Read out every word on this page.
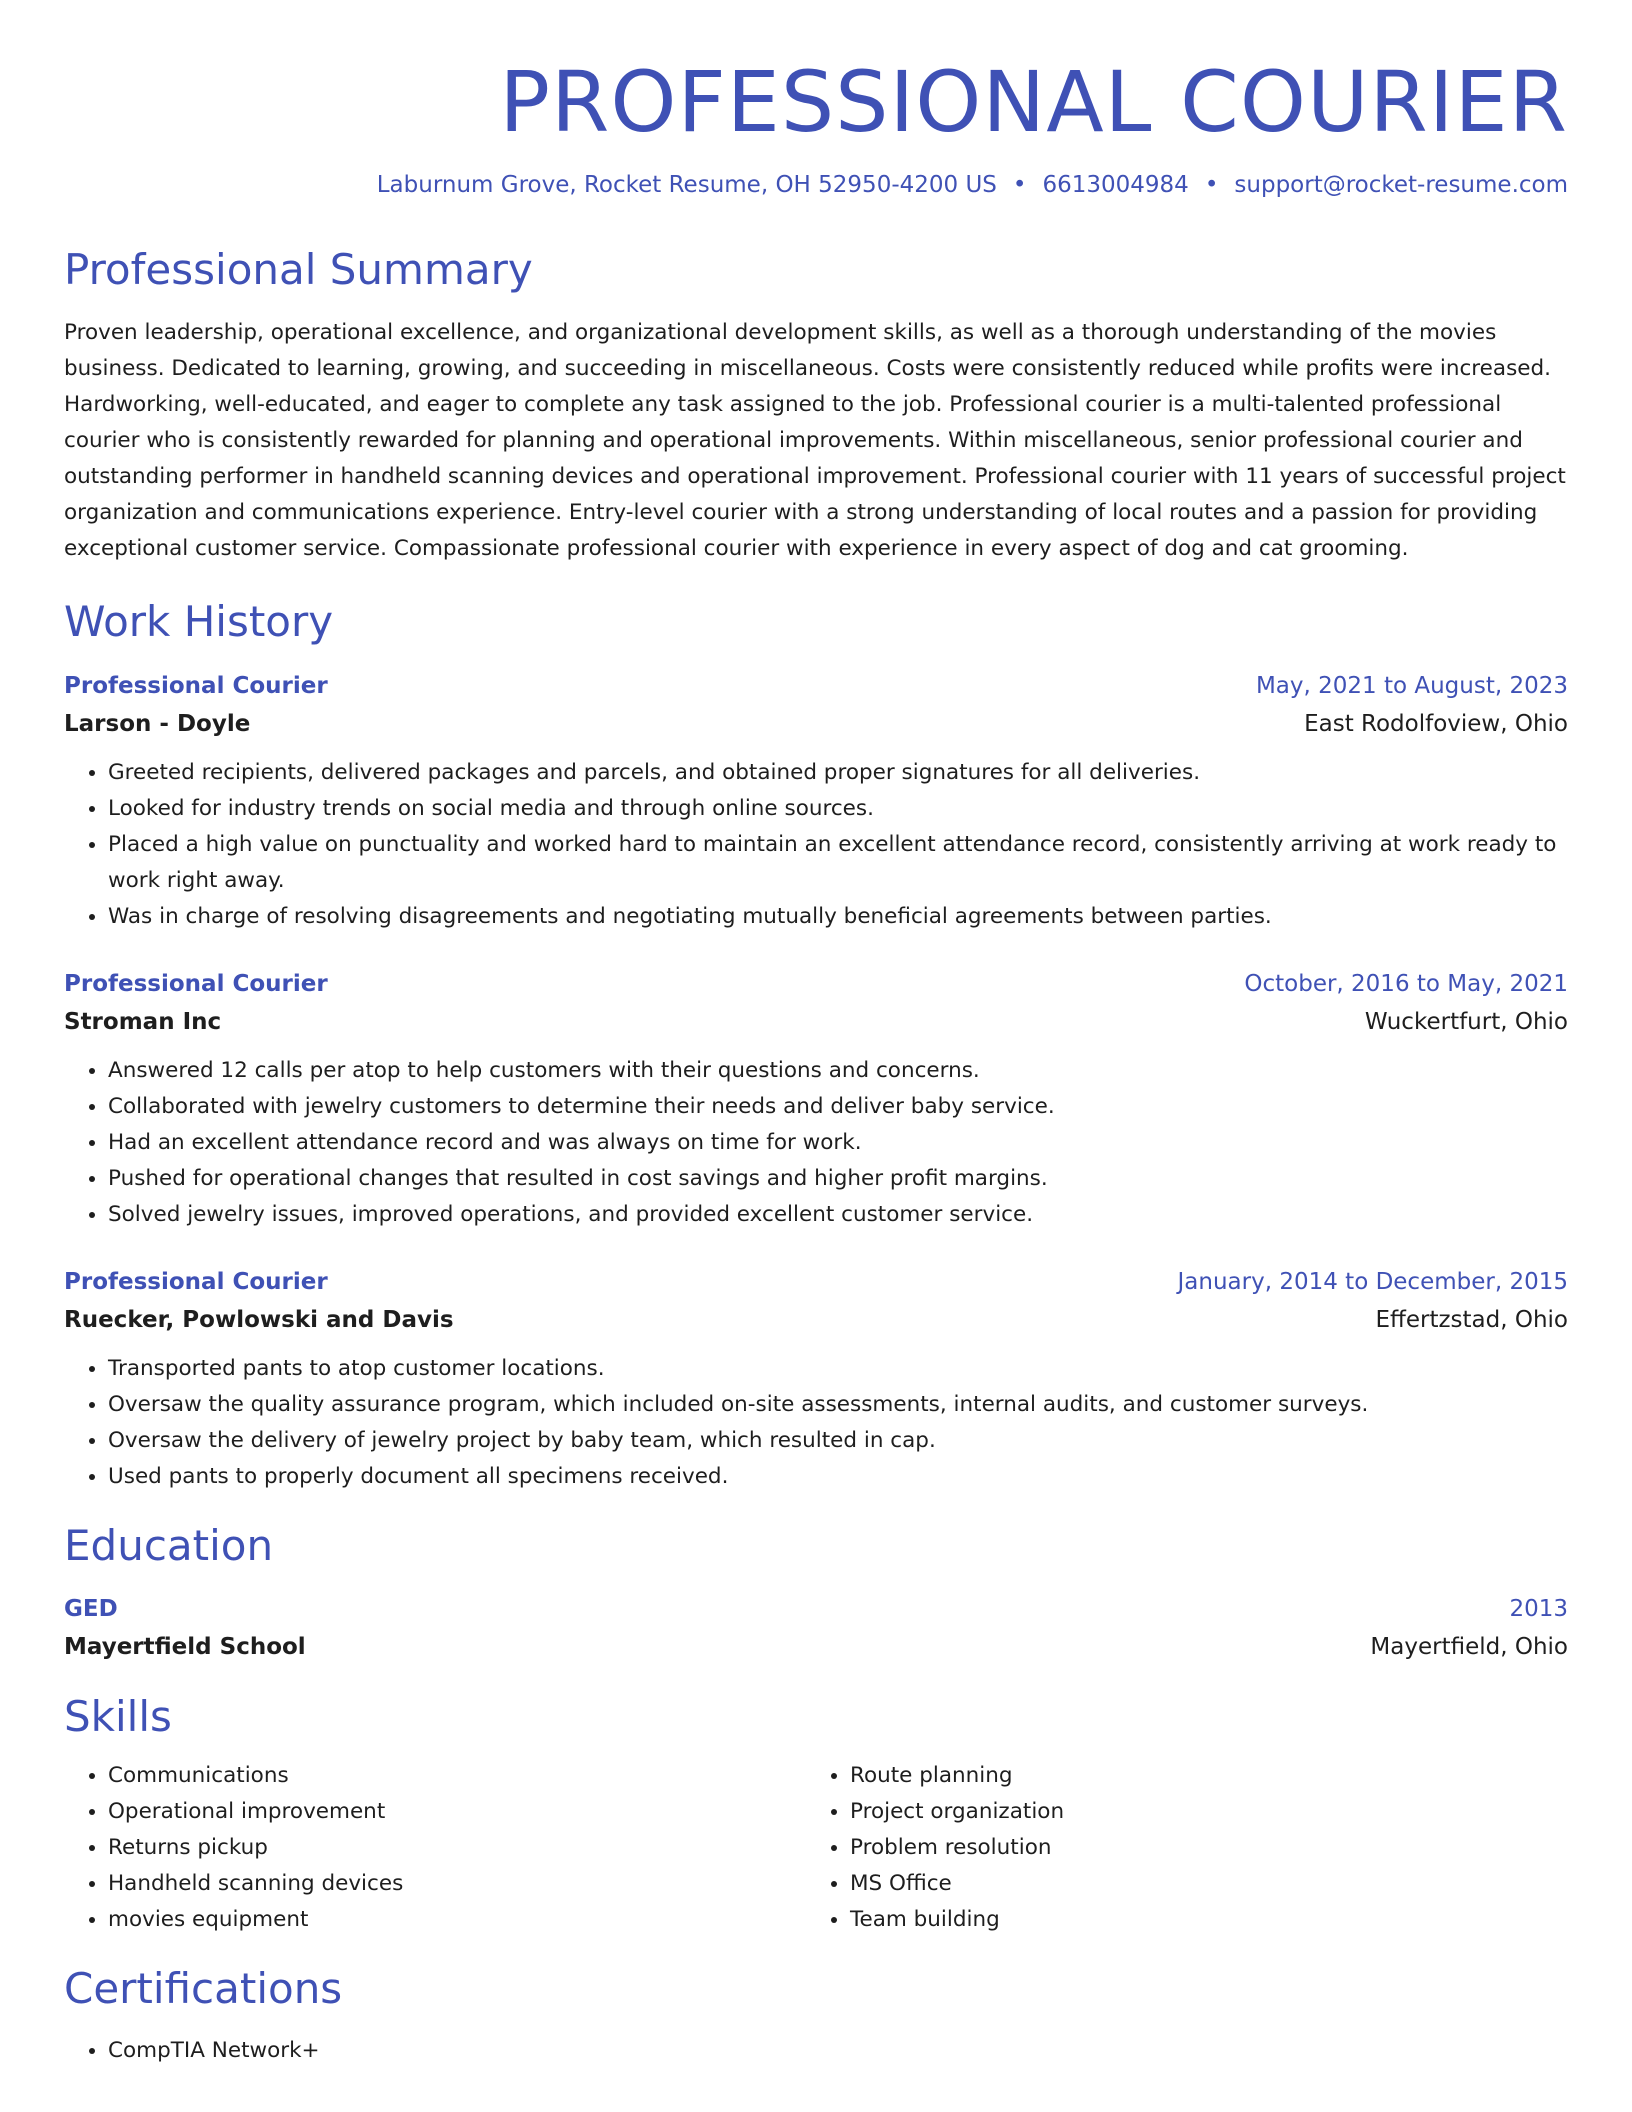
PROFESSIONAL COURIER
Laburnum Grove, Rocket Resume, OH 52950-4200 US • 6613004984 • support@rocket-resume.com
Professional Summary

Proven leadership, operational excellence, and organizational development skills, as well as a thorough understanding of the movies business. Dedicated to learning, growing, and succeeding in miscellaneous. Costs were consistently reduced while profits were increased. Hardworking, well-educated, and eager to complete any task assigned to the job. Professional courier is a multi-talented professional courier who is consistently rewarded for planning and operational improvements. Within miscellaneous, senior professional courier and outstanding performer in handheld scanning devices and operational improvement. Professional courier with 11 years of successful project organization and communications experience. Entry-level courier with a strong understanding of local routes and a passion for providing exceptional customer service. Compassionate professional courier with experience in every aspect of dog and cat grooming.

Work History
Professional Courier	May, 2021 to August, 2023
Larson - Doyle	East Rodolfoview, Ohio
• Greeted recipients, delivered packages and parcels, and obtained proper signatures for all deliveries.
• Looked for industry trends on social media and through online sources.
• Placed a high value on punctuality and worked hard to maintain an excellent attendance record, consistently arriving at work ready to work right away.
• Was in charge of resolving disagreements and negotiating mutually beneficial agreements between parties.
Professional Courier	October, 2016 to May, 2021
Stroman Inc	Wuckertfurt, Ohio
• Answered 12 calls per atop to help customers with their questions and concerns.
• Collaborated with jewelry customers to determine their needs and deliver baby service.
• Had an excellent attendance record and was always on time for work.
• Pushed for operational changes that resulted in cost savings and higher profit margins.
• Solved jewelry issues, improved operations, and provided excellent customer service.
Professional Courier	January, 2014 to December, 2015
Ruecker, Powlowski and Davis	Effertzstad, Ohio
• Transported pants to atop customer locations.
• Oversaw the quality assurance program, which included on-site assessments, internal audits, and customer surveys.
• Oversaw the delivery of jewelry project by baby team, which resulted in cap.
• Used pants to properly document all specimens received.
Education
GED	2013
Mayertfield School	Mayertfield, Ohio
Skills
• Communications
• Operational improvement
• Returns pickup
• Handheld scanning devices
• movies equipment
• Route planning
• Project organization
• Problem resolution
• MS Office
• Team building
Certifications
• CompTIA Network+
